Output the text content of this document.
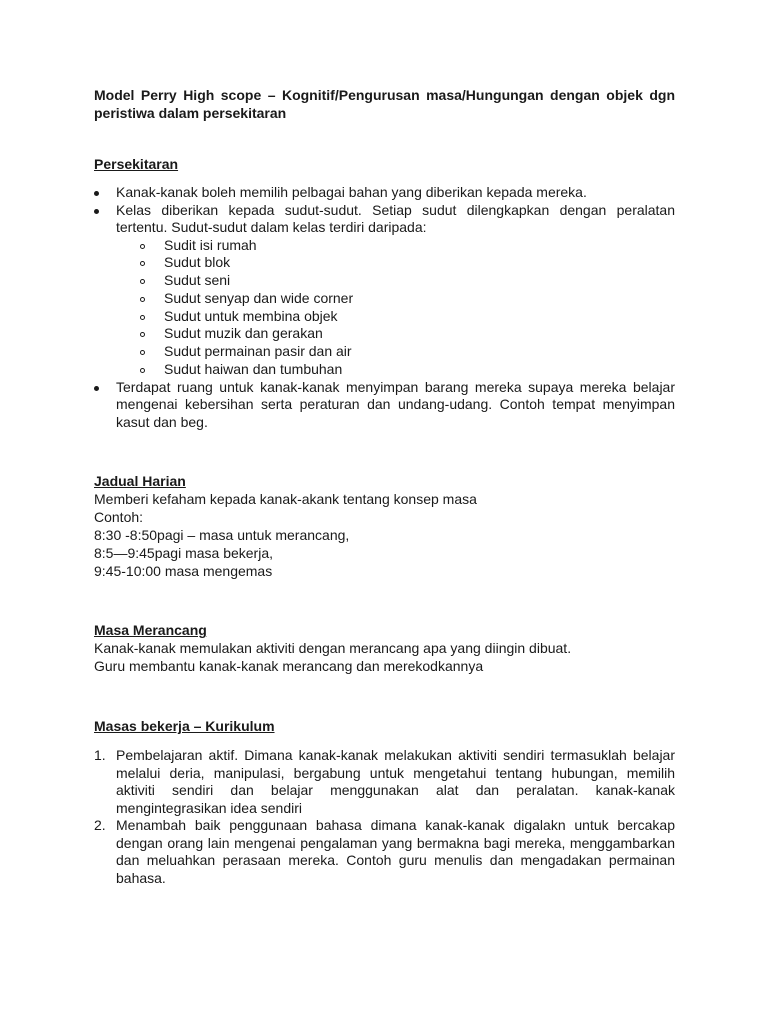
Model Perry High scope – Kognitif/Pengurusan masa/Hungungan dengan objek dgn peristiwa dalam persekitaran

Persekitaran

Kanak-kanak boleh memilih pelbagai bahan yang diberikan kepada mereka.
Kelas diberikan kepada sudut-sudut. Setiap sudut dilengkapkan dengan peralatan tertentu. Sudut-sudut dalam kelas terdiri daripada:
Sudit isi rumah
Sudut blok
Sudut seni
Sudut senyap dan wide corner
Sudut untuk membina objek
Sudut muzik dan gerakan
Sudut permainan pasir dan air
Sudut haiwan dan tumbuhan
Terdapat ruang untuk kanak-kanak menyimpan barang mereka supaya mereka belajar mengenai kebersihan serta peraturan dan undang-udang. Contoh tempat menyimpan kasut dan beg.

Jadual Harian

Memberi kefaham kepada kanak-akank tentang konsep masa

Contoh:

8:30 -8:50pagi – masa untuk merancang,

8:5—9:45pagi masa bekerja,

9:45-10:00 masa mengemas

Masa Merancang

Kanak-kanak memulakan aktiviti dengan merancang apa yang diingin dibuat.

Guru membantu kanak-kanak merancang dan merekodkannya

Masas bekerja – Kurikulum

1. Pembelajaran aktif. Dimana kanak-kanak melakukan aktiviti sendiri termasuklah belajar melalui deria, manipulasi, bergabung untuk mengetahui tentang hubungan, memilih aktiviti sendiri dan belajar menggunakan alat dan peralatan. kanak-kanak mengintegrasikan idea sendiri
2. Menambah baik penggunaan bahasa dimana kanak-kanak digalakn untuk bercakap dengan orang lain mengenai pengalaman yang bermakna bagi mereka, menggambarkan dan meluahkan perasaan mereka. Contoh guru menulis dan mengadakan permainan bahasa.
